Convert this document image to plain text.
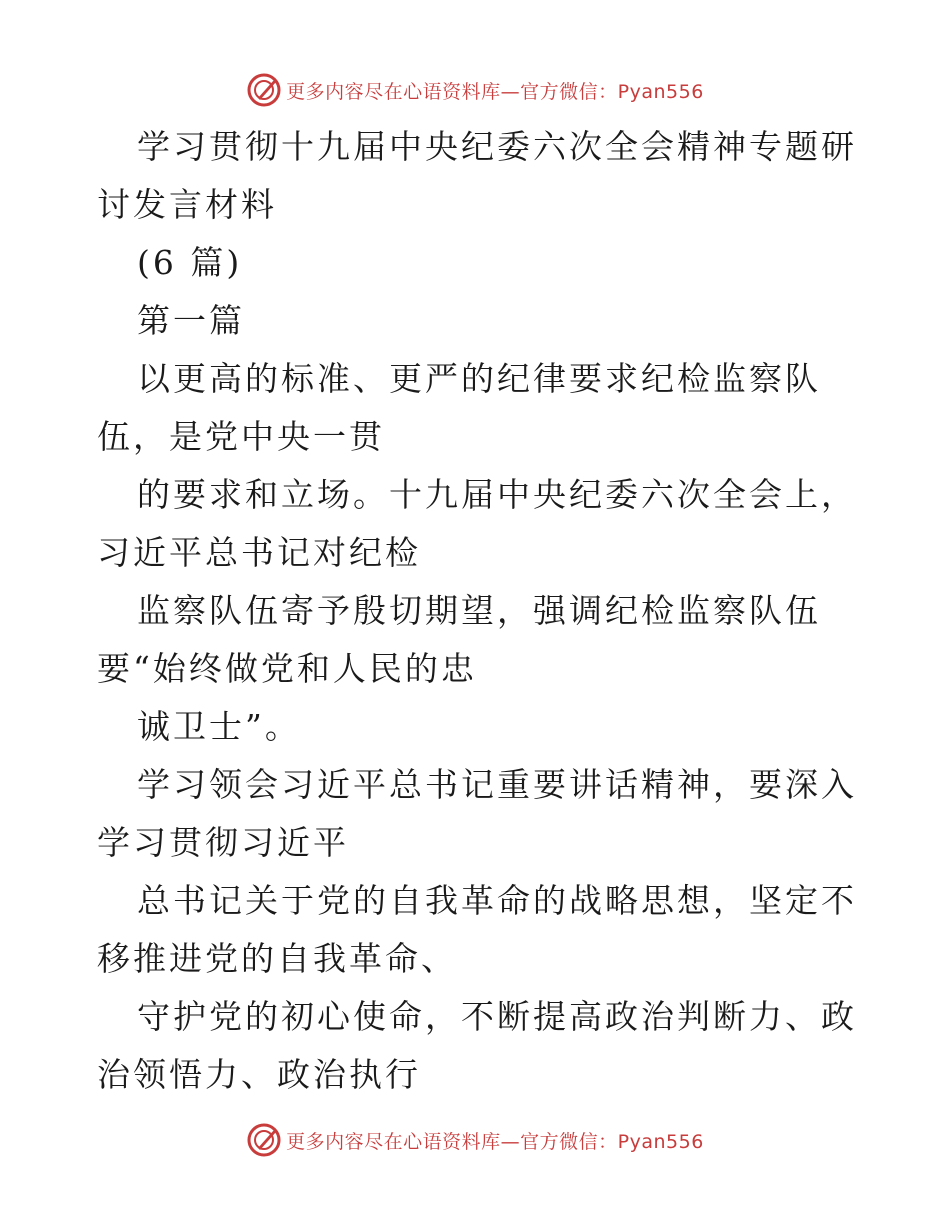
更多内容尽在心语资料库—官方微信：Pyan556

学习贯彻十九届中央纪委六次全会精神专题研讨发言材料

(6 篇)

第一篇

以更高的标准、更严的纪律要求纪检监察队伍，是党中央一贯

的要求和立场。十九届中央纪委六次全会上，习近平总书记对纪检

监察队伍寄予殷切期望，强调纪检监察队伍要“始终做党和人民的忠

诚卫士”。

学习领会习近平总书记重要讲话精神，要深入学习贯彻习近平

总书记关于党的自我革命的战略思想，坚定不移推进党的自我革命、

守护党的初心使命，不断提高政治判断力、政治领悟力、政治执行

更多内容尽在心语资料库—官方微信：Pyan556
